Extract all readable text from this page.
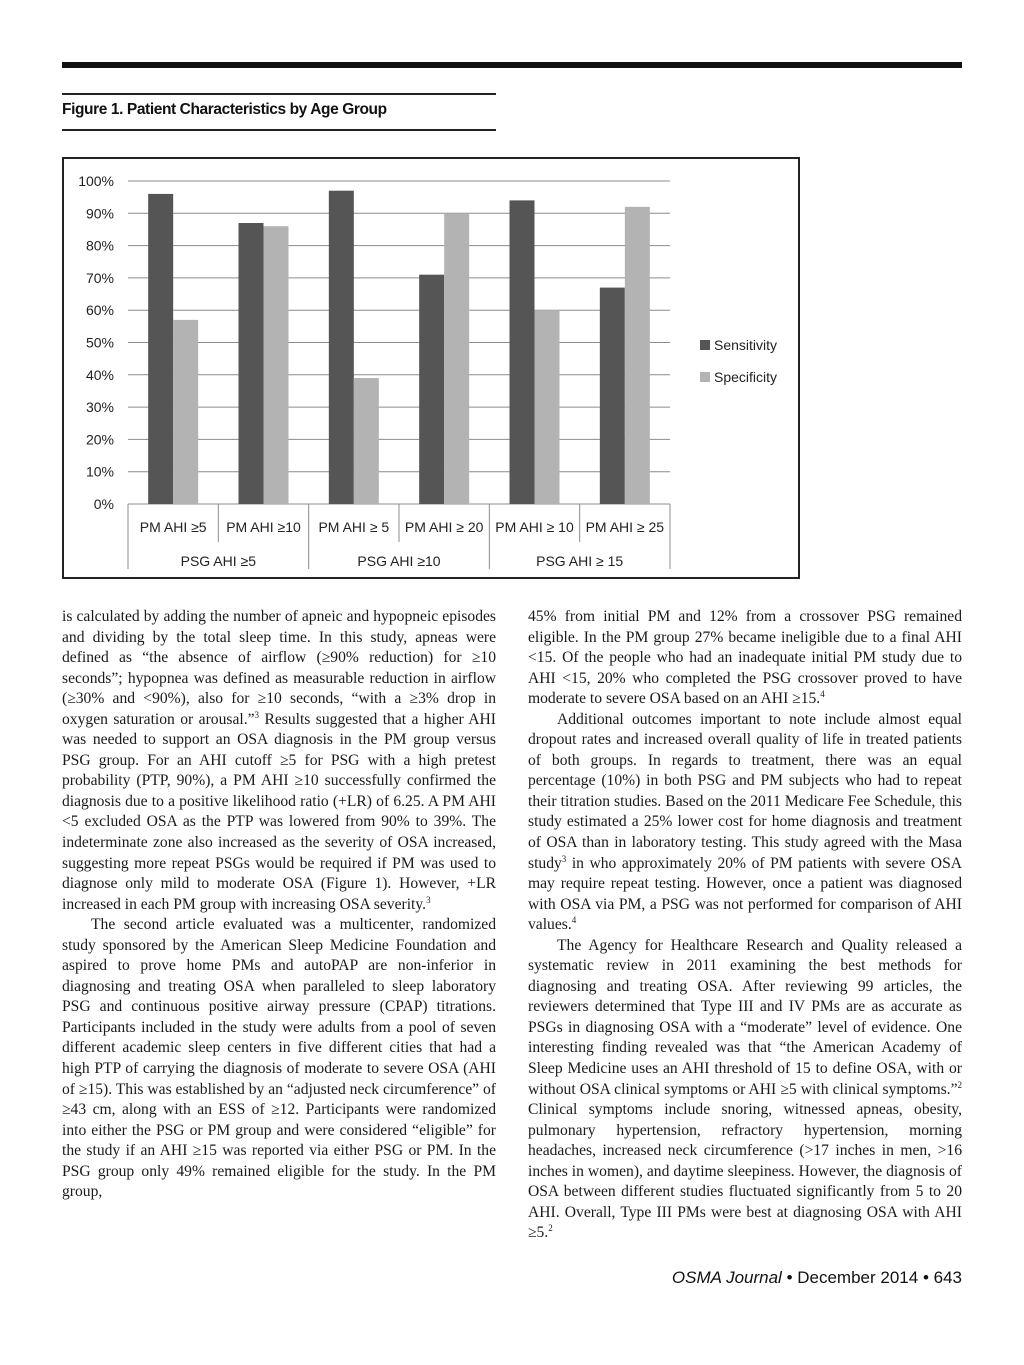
Figure 1. Patient Characteristics by Age Group
0%
10%
20%
30%
40%
50%
60%
70%
80%
90%
100%
PM AHI ≥5 PM AHI ≥10 PM AHI ≥ 5 PM AHI ≥ 20 PM AHI ≥ 10 PM AHI ≥ 25
PSG AHI ≥5	PSG AHI ≥10	PSG AHI ≥ 15
Sensitivity
Specificity

is calculated by adding the number of apneic and hypopneic episodes and dividing by the total sleep time. In this study, apneas were defined as “the absence of airflow (≥90% reduction) for ≥10 seconds”; hypopnea was defined as measurable reduction in airflow (≥30% and <90%), also for ≥10 seconds, “with a ≥3% drop in oxygen saturation or arousal.”$^3$ Results suggested that a higher AHI was needed to support an OSA diagnosis in the PM group versus PSG group. For an AHI cutoff ≥5 for PSG with a high pretest probability (PTP, 90%), a PM AHI ≥10 successfully confirmed the diagnosis due to a positive likelihood ratio (+LR) of 6.25. A PM AHI <5 excluded OSA as the PTP was lowered from 90% to 39%. The indeterminate zone also increased as the severity of OSA increased, suggesting more repeat PSGs would be required if PM was used to diagnose only mild to moderate OSA (Figure 1). However, +LR increased in each PM group with increasing OSA severity.$^3$

The second article evaluated was a multicenter, randomized study sponsored by the American Sleep Medicine Foundation and aspired to prove home PMs and autoPAP are non-inferior in diagnosing and treating OSA when paralleled to sleep laboratory PSG and continuous positive airway pressure (CPAP) titrations. Participants included in the study were adults from a pool of seven different academic sleep centers in five different cities that had a high PTP of carrying the diagnosis of moderate to severe OSA (AHI of ≥15). This was established by an “adjusted neck circumference” of ≥43 cm, along with an ESS of ≥12. Participants were randomized into either the PSG or PM group and were considered “eligible” for the study if an AHI ≥15 was reported via either PSG or PM. In the PSG group only 49% remained eligible for the study. In the PM group,

45% from initial PM and 12% from a crossover PSG remained eligible. In the PM group 27% became ineligible due to a final AHI <15. Of the people who had an inadequate initial PM study due to AHI <15, 20% who completed the PSG crossover proved to have moderate to severe OSA based on an AHI ≥15.$^4$

Additional outcomes important to note include almost equal dropout rates and increased overall quality of life in treated patients of both groups. In regards to treatment, there was an equal percentage (10%) in both PSG and PM subjects who had to repeat their titration studies. Based on the 2011 Medicare Fee Schedule, this study estimated a 25% lower cost for home diagnosis and treatment of OSA than in laboratory testing. This study agreed with the Masa study$^3$ in who approximately 20% of PM patients with severe OSA may require repeat testing. However, once a patient was diagnosed with OSA via PM, a PSG was not performed for comparison of AHI values.$^4$

The Agency for Healthcare Research and Quality released a systematic review in 2011 examining the best methods for diagnosing and treating OSA. After reviewing 99 articles, the reviewers determined that Type III and IV PMs are as accurate as PSGs in diagnosing OSA with a “moderate” level of evidence. One interesting finding revealed was that “the American Academy of Sleep Medicine uses an AHI threshold of 15 to define OSA, with or without OSA clinical symptoms or AHI ≥5 with clinical symptoms.”$^2$ Clinical symptoms include snoring, witnessed apneas, obesity, pulmonary hypertension, refractory hypertension, morning headaches, increased neck circumference (>17 inches in men, >16 inches in women), and daytime sleepiness. However, the diagnosis of OSA between different studies fluctuated significantly from 5 to 20 AHI. Overall, Type III PMs were best at diagnosing OSA with AHI ≥5.$^2$

OSMA Journal • December 2014 • 643
